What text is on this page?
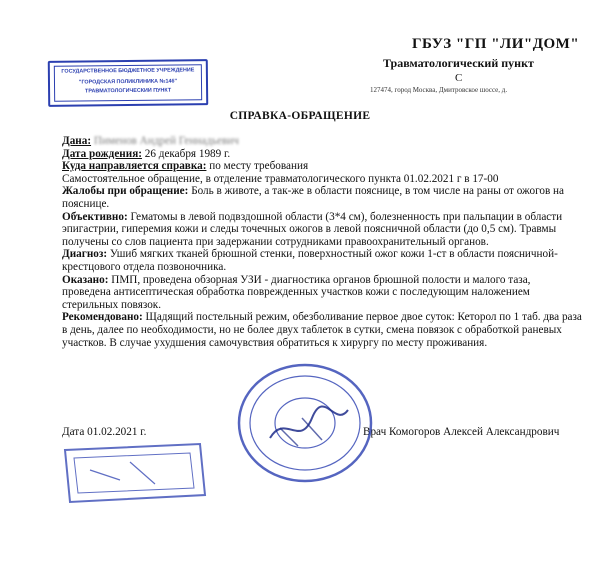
ГБУЗ "ГП "ЛИ"ДОМ"
Травматологический пункт
С
127474, город Москва, Дмитровское шоссе, д.
ГОСУДАРСТВЕННОЕ БЮДЖЕТНОЕ УЧРЕЖДЕНИЕ
"ГОРОДСКАЯ ПОЛИКЛИНИКА №146"
ТРАВМАТОЛОГИЧЕСКИЙ ПУНКТ
СПРАВКА-ОБРАЩЕНИЕ

Дана: Пименов Андрей Геннадьевич

Дата рождения: 26 декабря 1989 г.

Куда направляется справка: по месту требования

Самостоятельное обращение, в отделение травматологического пункта 01.02.2021 г в 17-00

Жалобы при обращение: Боль в животе, а так-же в области пояснице, в том числе на раны от ожогов на пояснице.

Объективно: Гематомы в левой подвздошной области (3*4 см), болезненность при пальпации в области эпигастрии, гиперемия кожи и следы точечных ожогов в левой поясничной области (до 0,5 см). Травмы получены со слов пациента при задержании сотрудниками правоохранительный органов.

Диагноз: Ушиб мягких тканей брюшной стенки, поверхностный ожог кожи 1-ст в области поясничной-крестцового отдела позвоночника.

Оказано: ПМП, проведена обзорная УЗИ - диагностика органов брюшной полости и малого таза, проведена антисептическая обработка поврежденных участков кожи с последующим наложением стерильных повязок.

Рекомендовано: Щадящий постельный режим, обезболивание первое двое суток: Кеторол по 1 таб. два раза в день, далее по необходимости, но не более двух таблеток в сутки, смена повязок с обработкой раневых участков. В случае ухудшения самочувствия обратиться к хирургу по месту проживания.

Дата 01.02.2021 г.	Врач Комогоров Алексей Александрович
